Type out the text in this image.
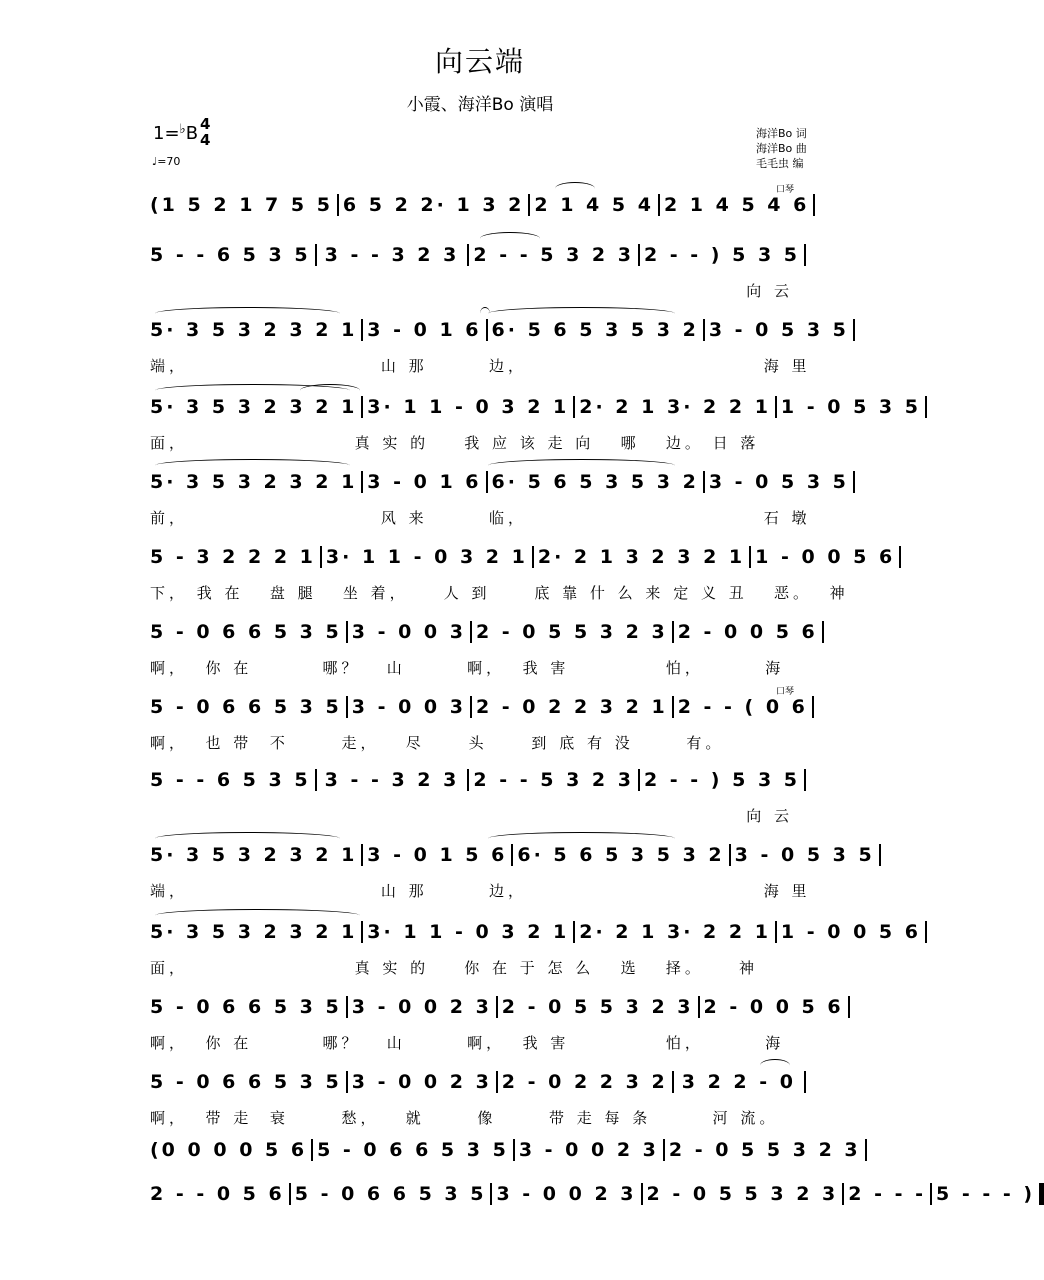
向云端
小霞、海洋Bo 演唱
1=♭B 4
4
♩=70
海洋Bo 词
海洋Bo 曲
毛毛虫 编
口琴
口琴
(1 5 2 1 7 5 5 6 5 2 2· 1 3 2 2 1 4 5 4 2 1 4 5 4 6
5 - - 6 5 3 5 3 - - 3 2 3 2 - - 5 3 2 3 2 - - ) 5 3 5
向 云
5· 3 5 3 2 3 2 1 3 - 0 1 6 6· 5 6 5 3 5 3 2 3 - 0 5 3 5
端，                      山 那       边，                           海 里
5· 3 5 3 2 3 2 1 3· 1 1 - 0 3 2 1 2· 2 1 3· 2 2 1 1 - 0 5 3 5
面，                   真 实 的    我 应 该 走 向   哪   边。 日 落
5· 3 5 3 2 3 2 1 3 - 0 1 6 6· 5 6 5 3 5 3 2 3 - 0 5 3 5
前，                      风 来       临，                           石 墩
5 - 3 2 2 2 1 3· 1 1 - 0 3 2 1 2· 2 1 3 2 3 2 1 1 - 0 0 5 6
下， 我 在   盘 腿   坐 着，    人 到     底 靠 什 么 来 定 义 丑   恶。  神
5 - 0 6 6 5 3 5 3 - 0 0 3 2 - 0 5 5 3 2 3 2 - 0 0 5 6
啊，  你 在        哪？   山       啊，  我 害           怕，       海
5 - 0 6 6 5 3 5 3 - 0 0 3 2 - 0 2 2 3 2 1 2 - - ( 0 6
啊，  也 带  不      走，   尽     头     到 底 有 没      有。
5 - - 6 5 3 5 3 - - 3 2 3 2 - - 5 3 2 3 2 - - ) 5 3 5
向 云
5· 3 5 3 2 3 2 1 3 - 0 1 5 6 6· 5 6 5 3 5 3 2 3 - 0 5 3 5
端，                      山 那       边，                           海 里
5· 3 5 3 2 3 2 1 3· 1 1 - 0 3 2 1 2· 2 1 3· 2 2 1 1 - 0 0 5 6
面，                   真 实 的    你 在 于 怎 么   选   择。    神
5 - 0 6 6 5 3 5 3 - 0 0 2 3 2 - 0 5 5 3 2 3 2 - 0 0 5 6
啊，  你 在        哪？   山       啊，  我 害           怕，       海
5 - 0 6 6 5 3 5 3 - 0 0 2 3 2 - 0 2 2 3 2 3 2 2 - 0
啊，  带 走  衰      愁，   就      像      带 走 每 条       河 流。
(0 0 0 0 5 6 5 - 0 6 6 5 3 5 3 - 0 0 2 3 2 - 0 5 5 3 2 3
2 - - 0 5 6 5 - 0 6 6 5 3 5 3 - 0 0 2 3 2 - 0 5 5 3 2 3 2 - - - 5 - - - )
